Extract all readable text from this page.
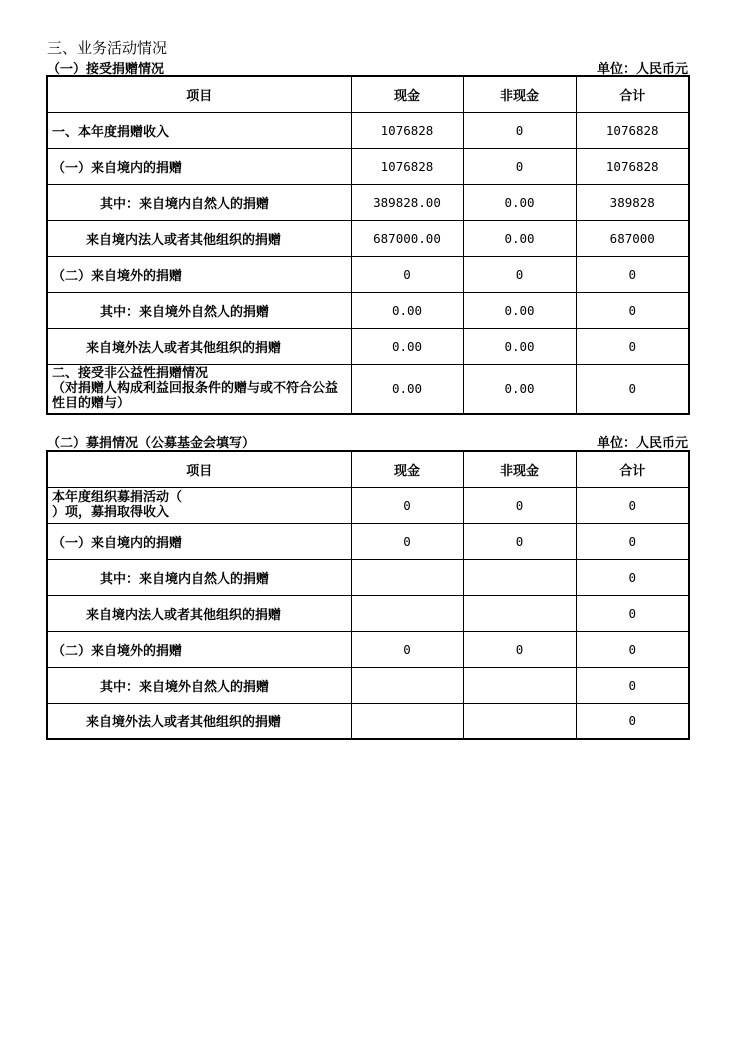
三、业务活动情况
（一）接受捐赠情况	单位：人民币元
项目	现金	非现金	合计
一、本年度捐赠收入	1076828	0	1076828
（一）来自境内的捐赠	1076828	0	1076828
其中：来自境内自然人的捐赠	389828.00	0.00	389828
来自境内法人或者其他组织的捐赠	687000.00	0.00	687000
（二）来自境外的捐赠	0	0	0
其中：来自境外自然人的捐赠	0.00	0.00	0
来自境外法人或者其他组织的捐赠	0.00	0.00	0
二、接受非公益性捐赠情况
（对捐赠人构成利益回报条件的赠与或不符合公益性目的赠与）	0.00	0.00	0
（二）募捐情况（公募基金会填写）	单位：人民币元
项目	现金	非现金	合计
本年度组织募捐活动（
）项，募捐取得收入	0	0	0
（一）来自境内的捐赠	0	0	0
其中：来自境内自然人的捐赠			0
来自境内法人或者其他组织的捐赠			0
（二）来自境外的捐赠	0	0	0
其中：来自境外自然人的捐赠			0
来自境外法人或者其他组织的捐赠			0
